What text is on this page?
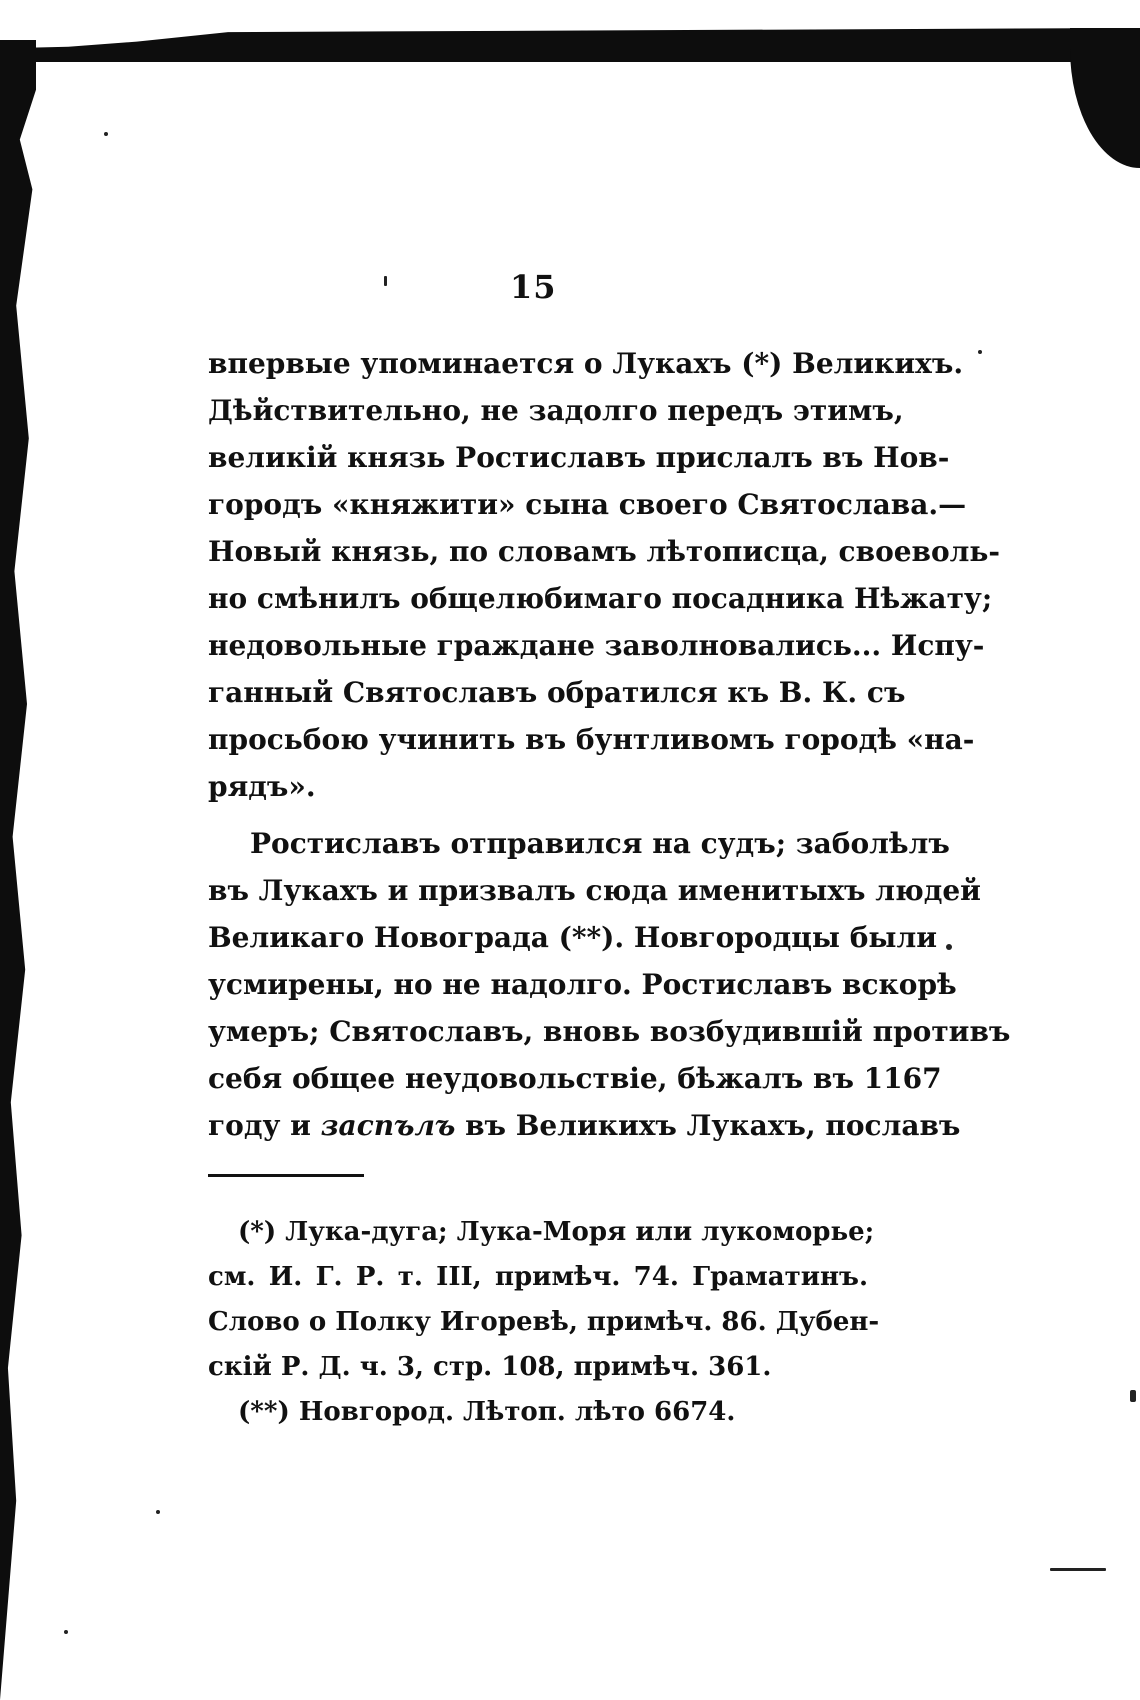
15
впервые упоминается о Лукахъ (*) Великихъ.
Дѣйствительно, не задолго передъ этимъ,
великій князь Ростиславъ прислалъ въ Нов-
городъ «княжити» сына своего Святослава.—
Новый князь, по словамъ лѣтописца, своеволь-
но смѣнилъ общелюбимаго посадника Нѣжату;
недовольные граждане заволновались... Испу-
ганный Святославъ обратился къ В. К. съ
просьбою учинить въ бунтливомъ городѣ «на-
рядъ».
Ростиславъ отправился на судъ; заболѣлъ
въ Лукахъ и призвалъ сюда именитыхъ людей
Великаго Новограда (**). Новгородцы были
усмирены, но не надолго. Ростиславъ вскорѣ
умеръ; Святославъ, вновь возбудившій противъ
себя общее неудовольствіе, бѣжалъ въ 1167
году и заспълъ въ Великихъ Лукахъ, пославъ
(*) Лука-дуга; Лука-Моря или лукоморье;
см. И. Г. Р. т. III, примѣч. 74. Граматинъ.
Слово о Полку Игоревѣ, примѣч. 86. Дубен-
скій Р. Д. ч. 3, стр. 108, примѣч. 361.
(**) Новгород. Лѣтоп. лѣто 6674.
